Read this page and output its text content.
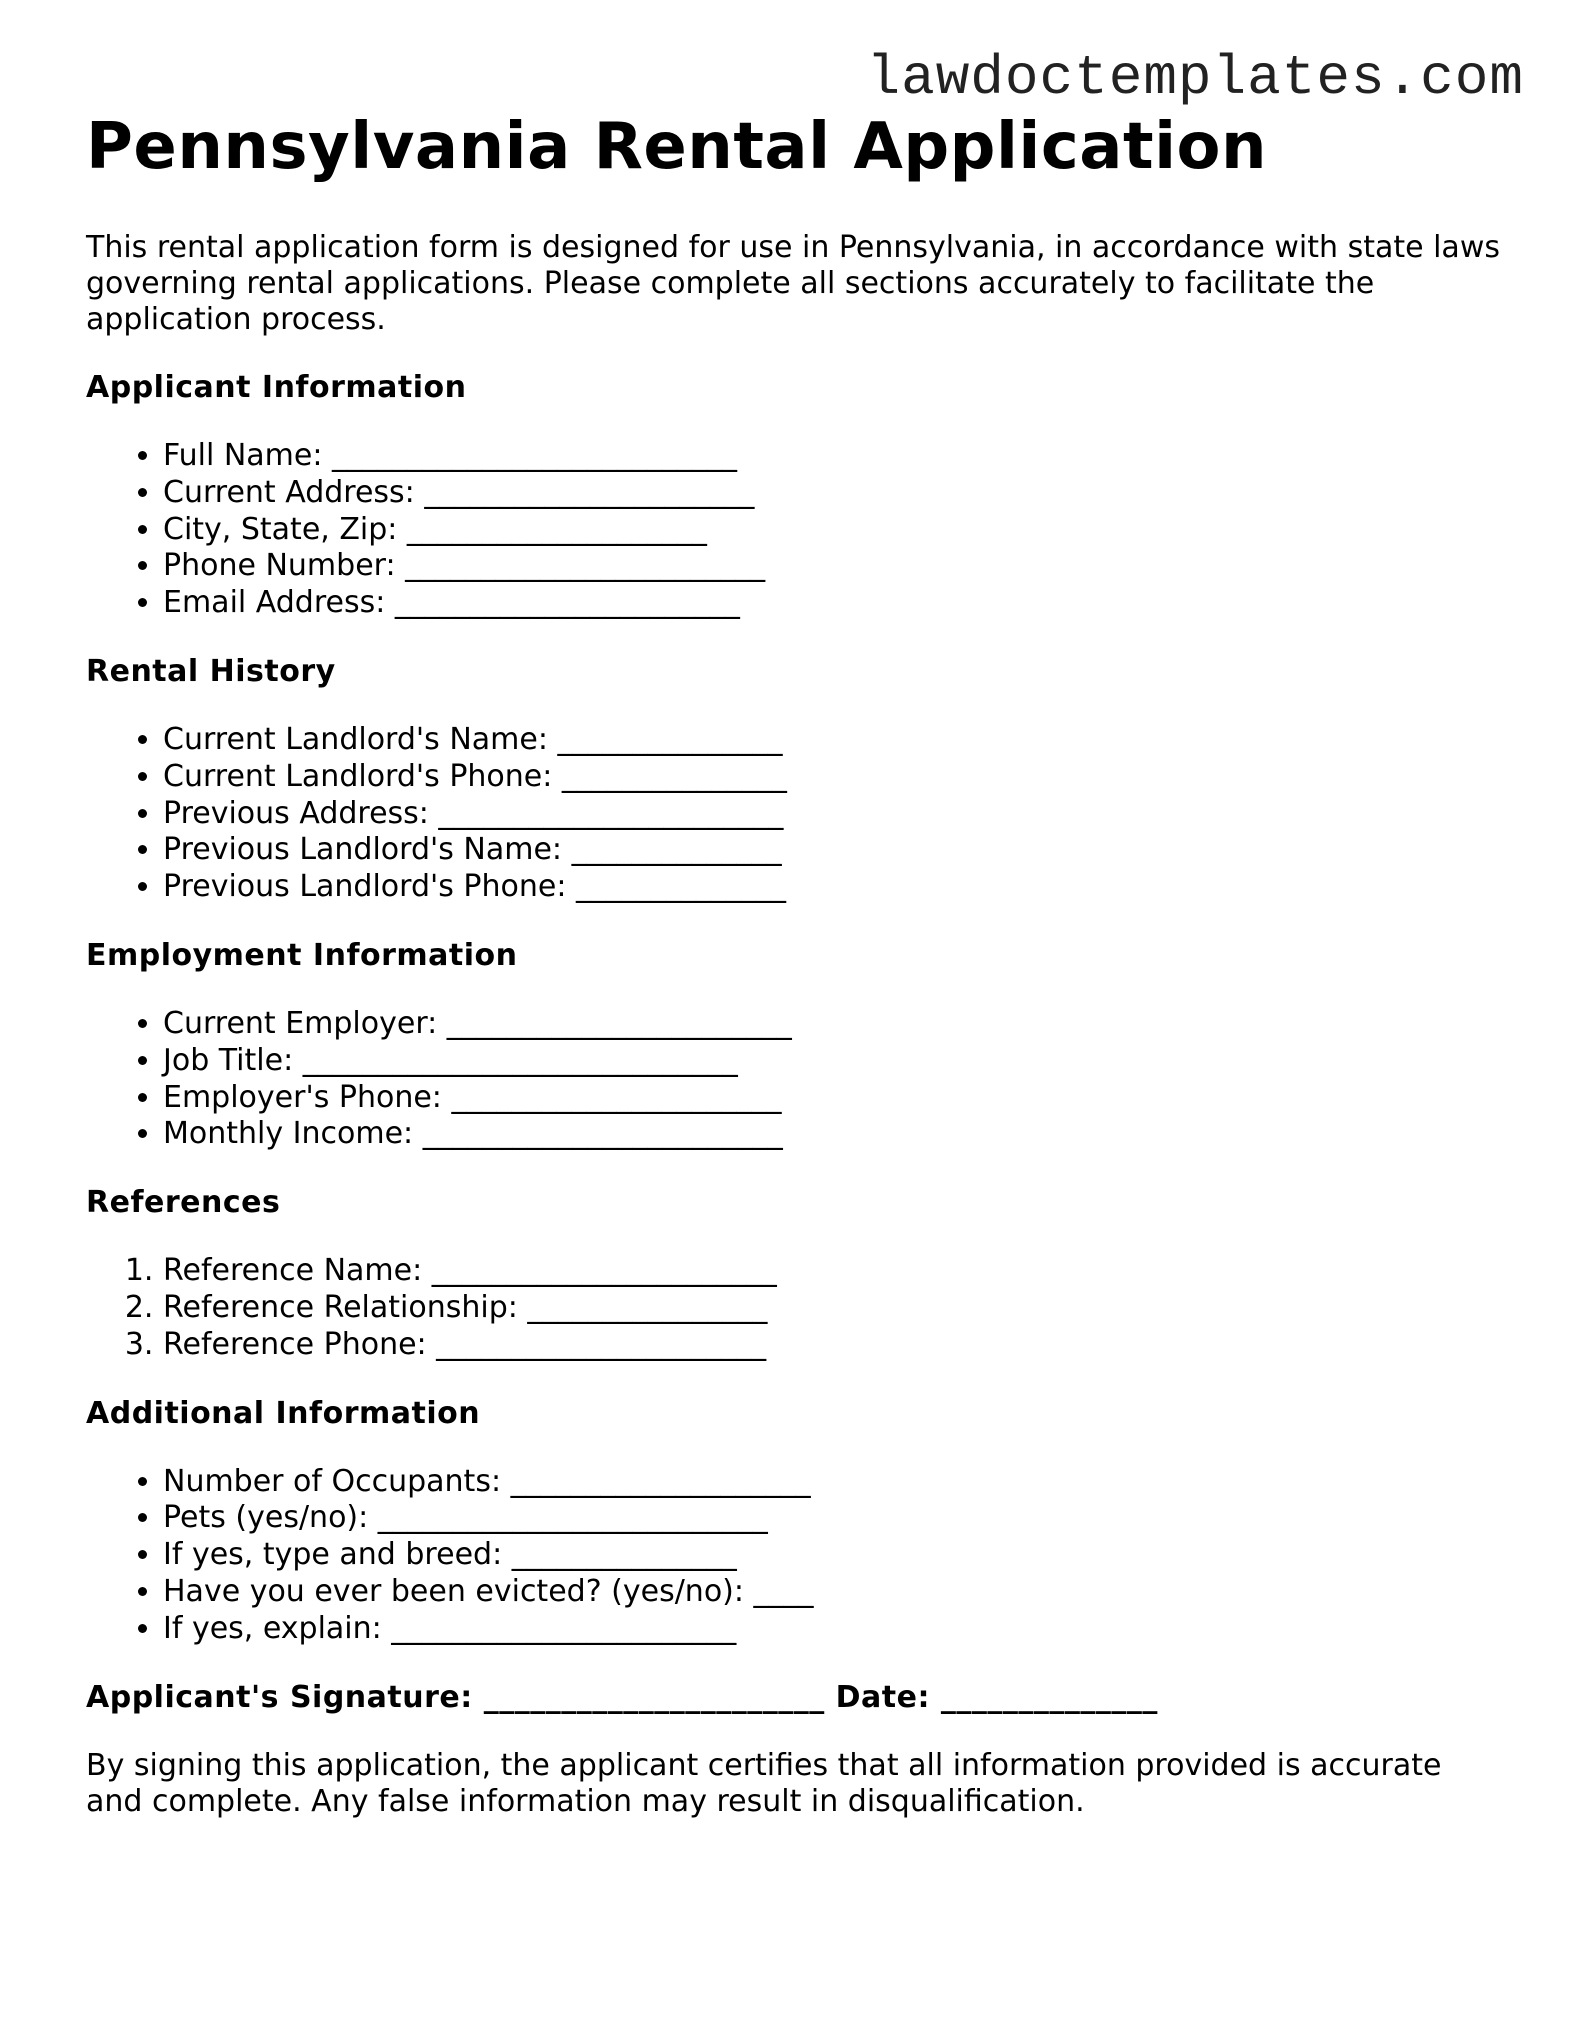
lawdoctemplates.com
Pennsylvania Rental Application

This rental application form is designed for use in Pennsylvania, in accordance with state laws governing rental applications. Please complete all sections accurately to facilitate the application process.

Applicant Information
• Full Name: ___________________________
• Current Address: ______________________
• City, State, Zip: ____________________
• Phone Number: ________________________
• Email Address: _______________________
Rental History
• Current Landlord's Name: _______________
• Current Landlord's Phone: _______________
• Previous Address: _______________________
• Previous Landlord's Name: ______________
• Previous Landlord's Phone: ______________
Employment Information
• Current Employer: _______________________
• Job Title: _____________________________
• Employer's Phone: ______________________
• Monthly Income: ________________________
References
1. Reference Name: _______________________
2. Reference Relationship: ________________
3. Reference Phone: ______________________
Additional Information
• Number of Occupants: ____________________
• Pets (yes/no): __________________________
• If yes, type and breed: _______________
• Have you ever been evicted? (yes/no): ____
• If yes, explain: _______________________
Applicant's Signature: ______________________ Date: ______________

By signing this application, the applicant certifies that all information provided is accurate and complete. Any false information may result in disqualification.
